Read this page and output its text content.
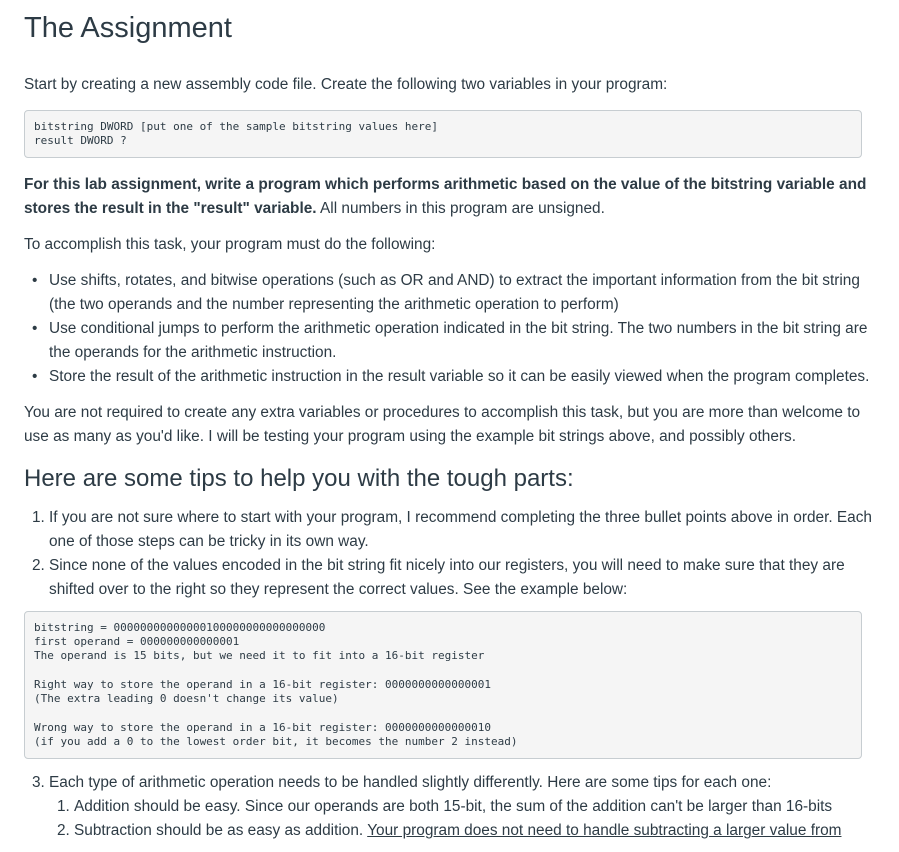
The Assignment

Start by creating a new assembly code file. Create the following two variables in your program:

bitstring DWORD [put one of the sample bitstring values here]
result DWORD ?

For this lab assignment, write a program which performs arithmetic based on the value of the bitstring variable and stores the result in the "result" variable. All numbers in this program are unsigned.

To accomplish this task, your program must do the following:

• Use shifts, rotates, and bitwise operations (such as OR and AND) to extract the important information from the bit string (the two operands and the number representing the arithmetic operation to perform)
• Use conditional jumps to perform the arithmetic operation indicated in the bit string. The two numbers in the bit string are the operands for the arithmetic instruction.
• Store the result of the arithmetic instruction in the result variable so it can be easily viewed when the program completes.

You are not required to create any extra variables or procedures to accomplish this task, but you are more than welcome to use as many as you'd like. I will be testing your program using the example bit strings above, and possibly others.

Here are some tips to help you with the tough parts:
1. If you are not sure where to start with your program, I recommend completing the three bullet points above in order. Each one of those steps can be tricky in its own way.
2. Since none of the values encoded in the bit string fit nicely into our registers, you will need to make sure that they are shifted over to the right so they represent the correct values. See the example below:
bitstring = 00000000000000100000000000000000
first operand = 000000000000001
The operand is 15 bits, but we need it to fit into a 16-bit register

Right way to store the operand in a 16-bit register: 0000000000000001
(The extra leading 0 doesn't change its value)

Wrong way to store the operand in a 16-bit register: 0000000000000010
(if you add a 0 to the lowest order bit, it becomes the number 2 instead)
3. Each type of arithmetic operation needs to be handled slightly differently. Here are some tips for each one:
1. Addition should be easy. Since our operands are both 15-bit, the sum of the addition can't be larger than 16-bits
2. Subtraction should be as easy as addition. Your program does not need to handle subtracting a larger value from
